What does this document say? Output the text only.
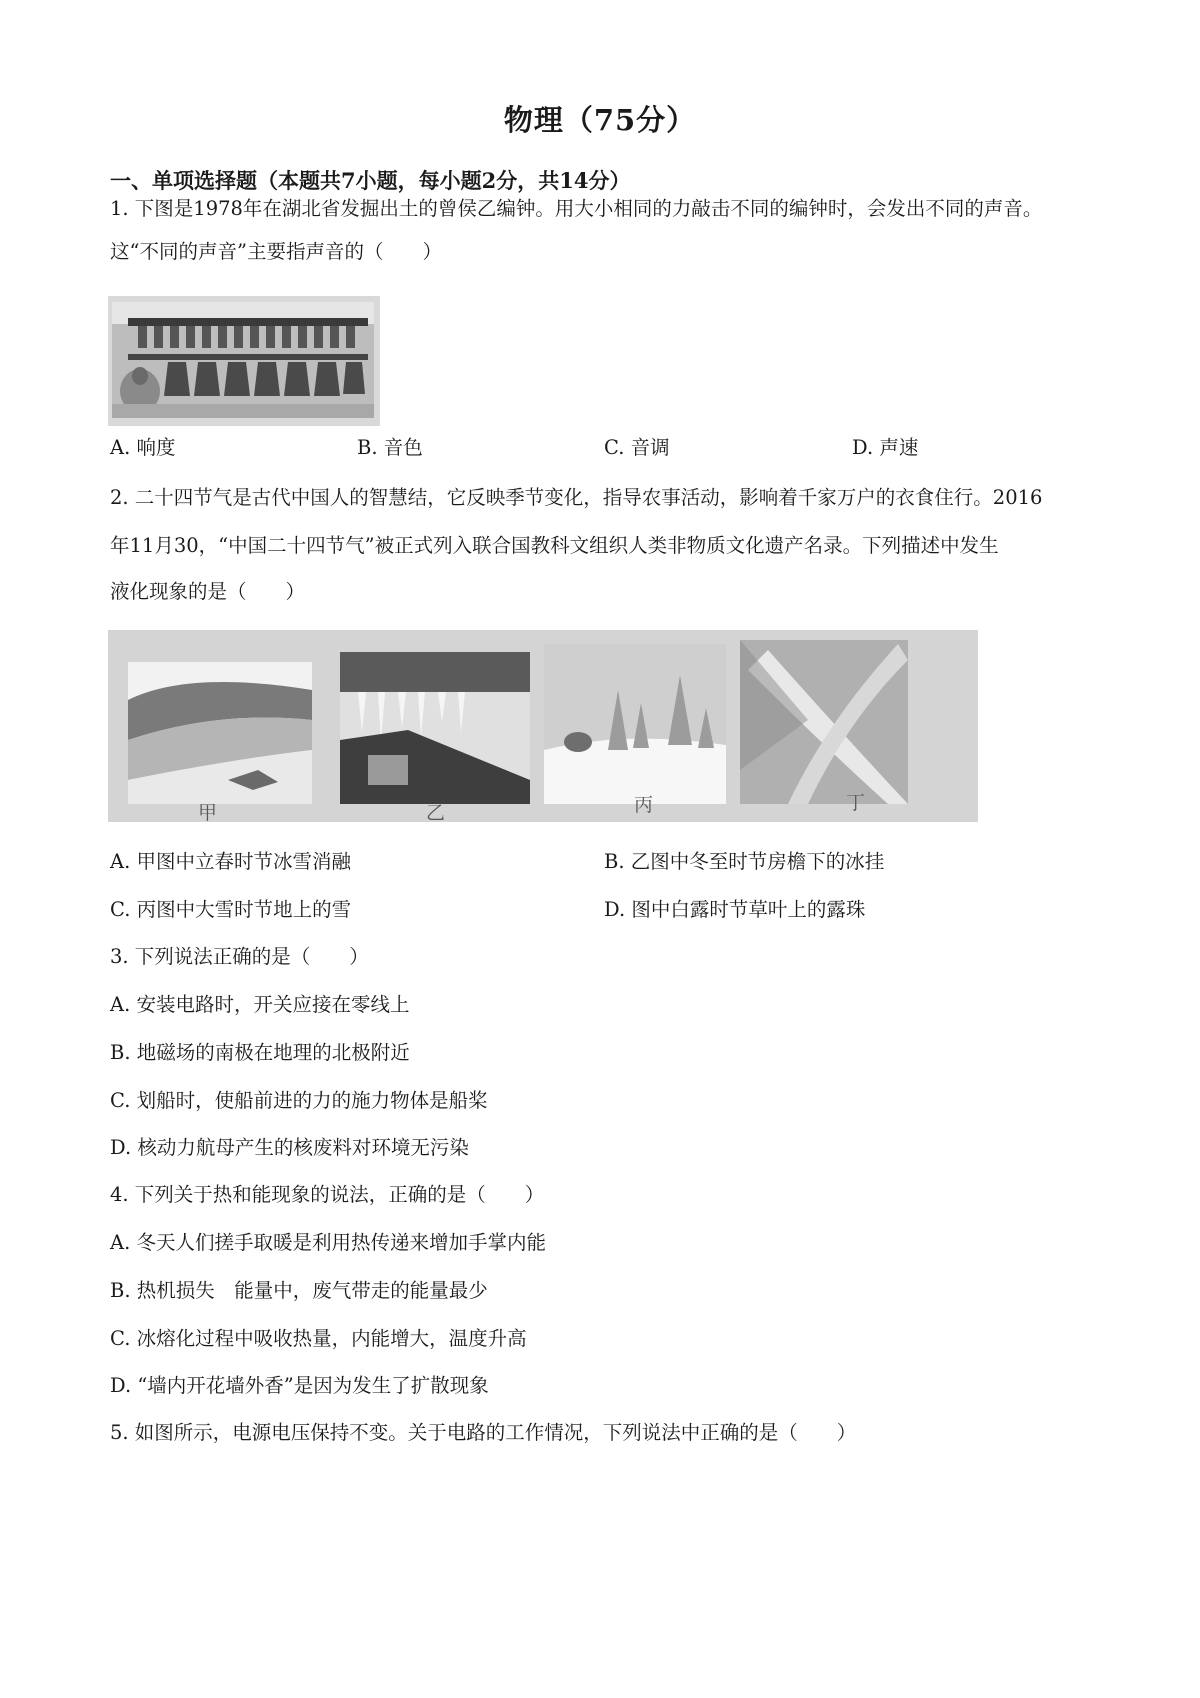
物理（75分）
一、单项选择题（本题共7小题，每小题2分，共14分）
1. 下图是1978年在湖北省发掘出土的曾侯乙编钟。用大小相同的力敲击不同的编钟时，会发出不同的声音。
这“不同的声音”主要指声音的（　　）
A. 响度	B. 音色	C. 音调	D. 声速
2. 二十四节气是古代中国人的智慧结，它反映季节变化，指导农事活动，影响着千家万户的衣食住行。2016
年11月30，“中国二十四节气”被正式列入联合国教科文组织人类非物质文化遗产名录。下列描述中发生
液化现象的是（　　）
甲	乙	丙	丁
A. 甲图中立春时节冰雪消融	B. 乙图中冬至时节房檐下的冰挂
C. 丙图中大雪时节地上的雪	D. 图中白露时节草叶上的露珠
3. 下列说法正确的是（　　）
A. 安装电路时，开关应接在零线上
B. 地磁场的南极在地理的北极附近
C. 划船时，使船前进的力的施力物体是船桨
D. 核动力航母产生的核废料对环境无污染
4. 下列关于热和能现象的说法，正确的是（　　）
A. 冬天人们搓手取暖是利用热传递来增加手掌内能
B. 热机损失　能量中，废气带走的能量最少
C. 冰熔化过程中吸收热量，内能增大，温度升高
D. “墙内开花墙外香”是因为发生了扩散现象
5. 如图所示，电源电压保持不变。关于电路的工作情况，下列说法中正确的是（　　）
